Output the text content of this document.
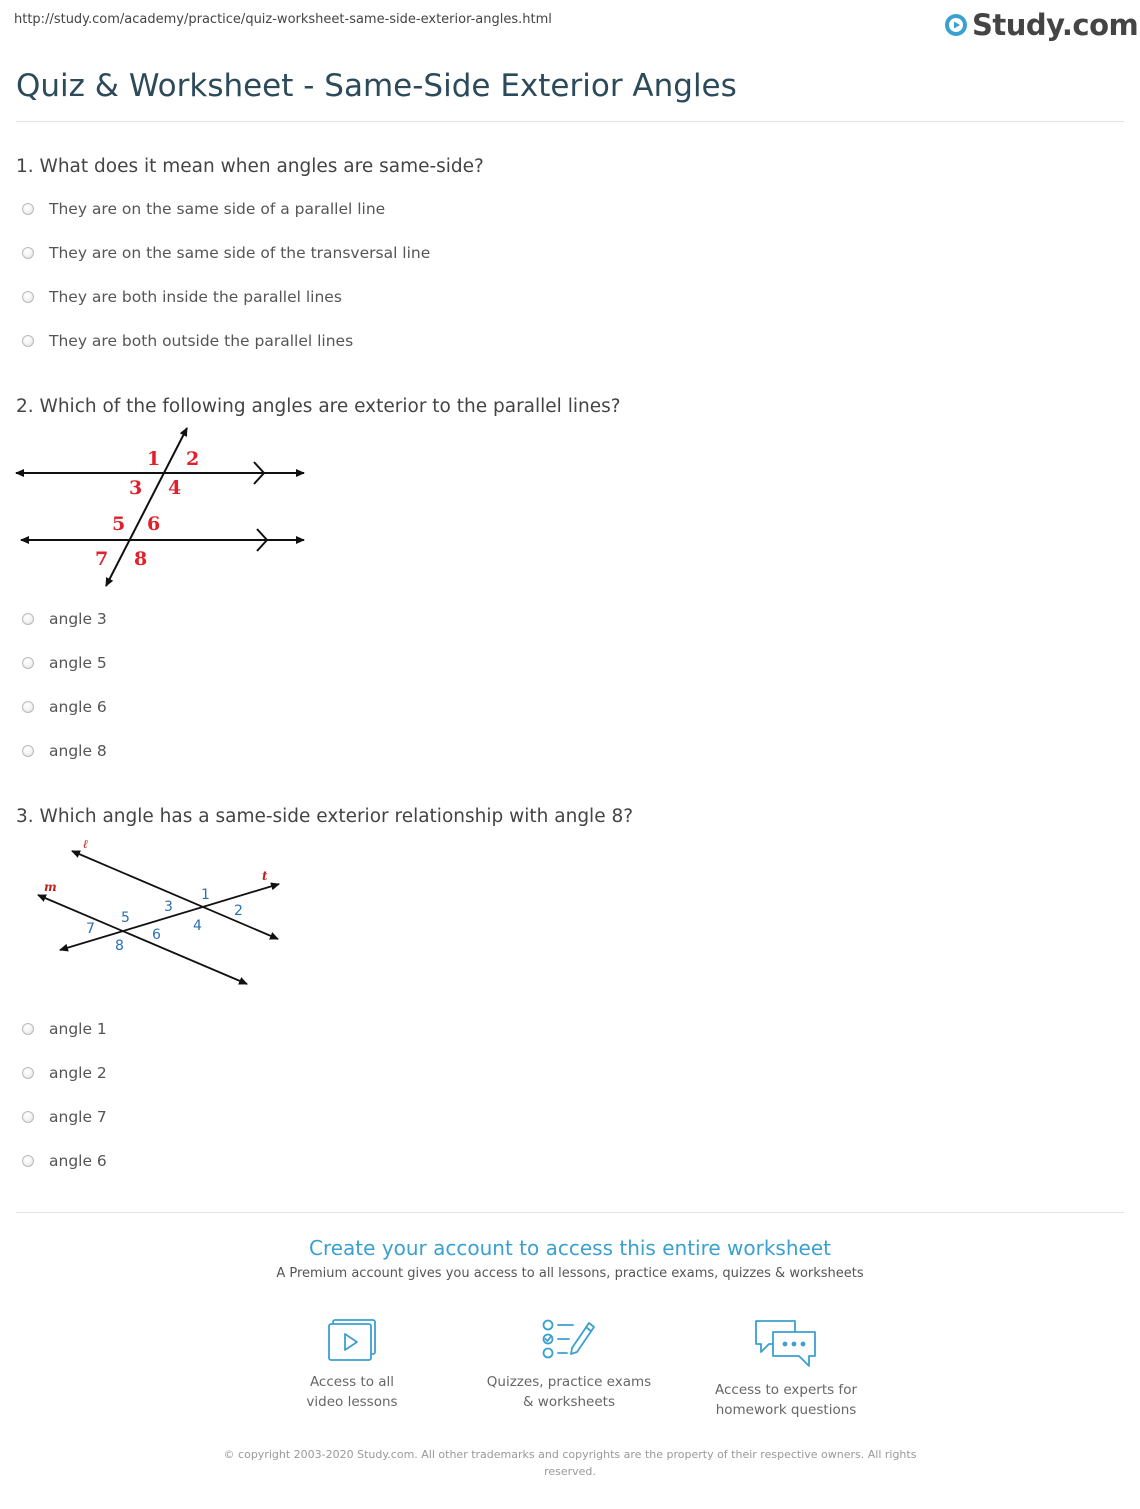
http://study.com/academy/practice/quiz-worksheet-same-side-exterior-angles.html	Study.com
Quiz & Worksheet - Same-Side Exterior Angles
1. What does it mean when angles are same-side?
They are on the same side of a parallel line
They are on the same side of the transversal line
They are both inside the parallel lines
They are both outside the parallel lines
2. Which of the following angles are exterior to the parallel lines?
1 2
3 4
5 6
7 8
angle 3
angle 5
angle 6
angle 8
3. Which angle has a same-side exterior relationship with angle 8?
ℓ
m
t
1
2
3
4
5
6
7
8
angle 1
angle 2
angle 7
angle 6
Create your account to access this entire worksheet
A Premium account gives you access to all lessons, practice exams, quizzes & worksheets
Access to all
video lessons
Quizzes, practice exams
& worksheets
Access to experts for
homework questions
© copyright 2003-2020 Study.com. All other trademarks and copyrights are the property of their respective owners. All rights reserved.
